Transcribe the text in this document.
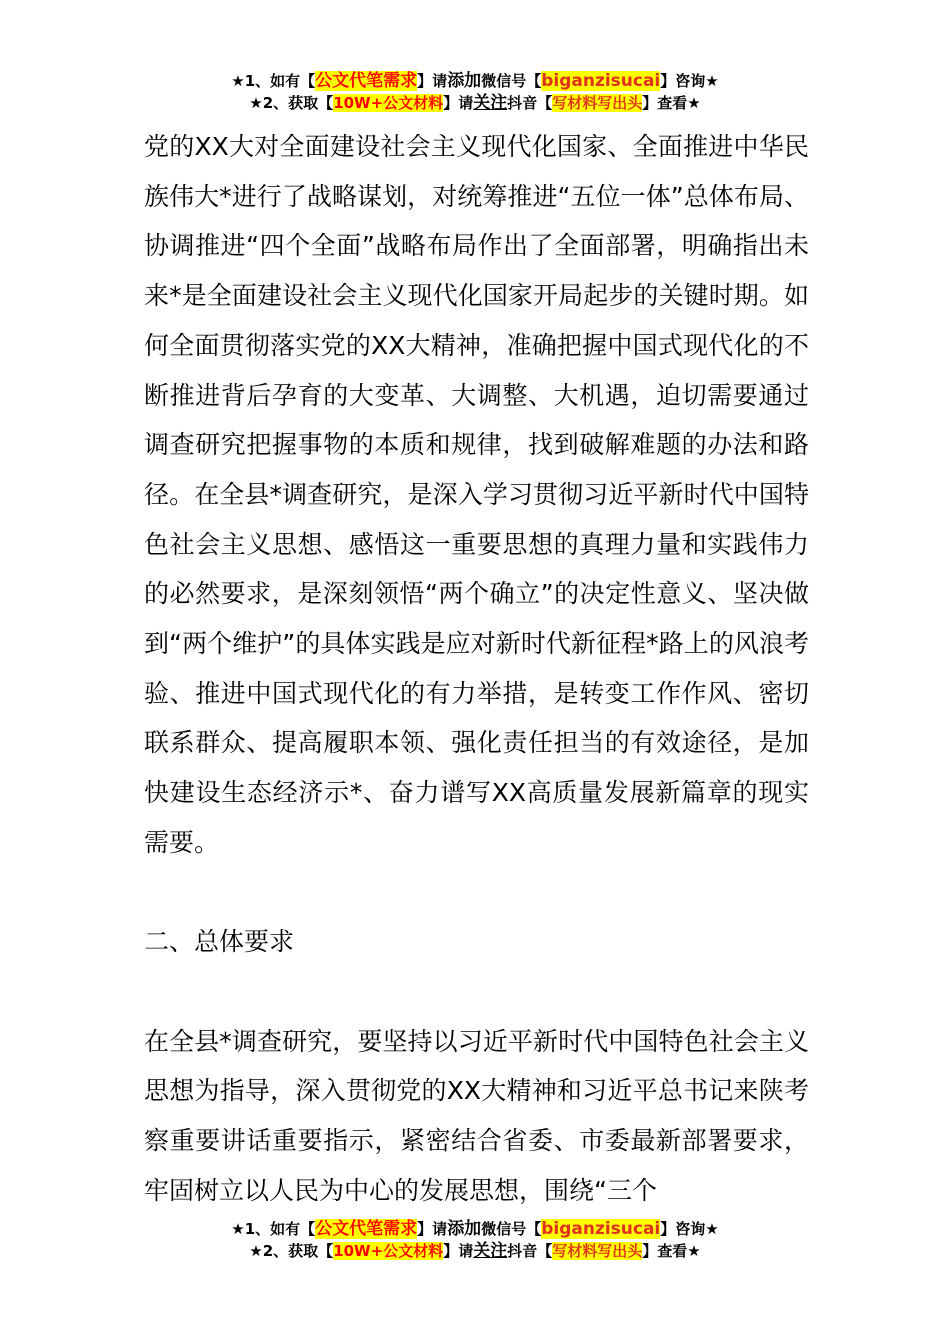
★1、如有【公文代笔需求】请添加微信号【biganzisucai】咨询★
★2、获取【10W+公文材料】请关注抖音【写材料写出头】查看★

党的XX大对全面建设社会主义现代化国家、全面推进中华民族伟大*进行了战略谋划，对统筹推进“五位一体”总体布局、协调推进“四个全面”战略布局作出了全面部署，明确指出未来*是全面建设社会主义现代化国家开局起步的关键时期。如何全面贯彻落实党的XX大精神，准确把握中国式现代化的不断推进背后孕育的大变革、大调整、大机遇，迫切需要通过调查研究把握事物的本质和规律，找到破解难题的办法和路径。在全县*调查研究，是深入学习贯彻习近平新时代中国特色社会主义思想、感悟这一重要思想的真理力量和实践伟力的必然要求，是深刻领悟“两个确立”的决定性意义、坚决做到“两个维护”的具体实践是应对新时代新征程*路上的风浪考验、推进中国式现代化的有力举措，是转变工作作风、密切联系群众、提高履职本领、强化责任担当的有效途径，是加快建设生态经济示*、奋力谱写XX高质量发展新篇章的现实需要。

二、总体要求

在全县*调查研究，要坚持以习近平新时代中国特色社会主义思想为指导，深入贯彻党的XX大精神和习近平总书记来陕考察重要讲话重要指示，紧密结合省委、市委最新部署要求，牢固树立以人民为中心的发展思想，围绕“三个

★1、如有【公文代笔需求】请添加微信号【biganzisucai】咨询★
★2、获取【10W+公文材料】请关注抖音【写材料写出头】查看★
